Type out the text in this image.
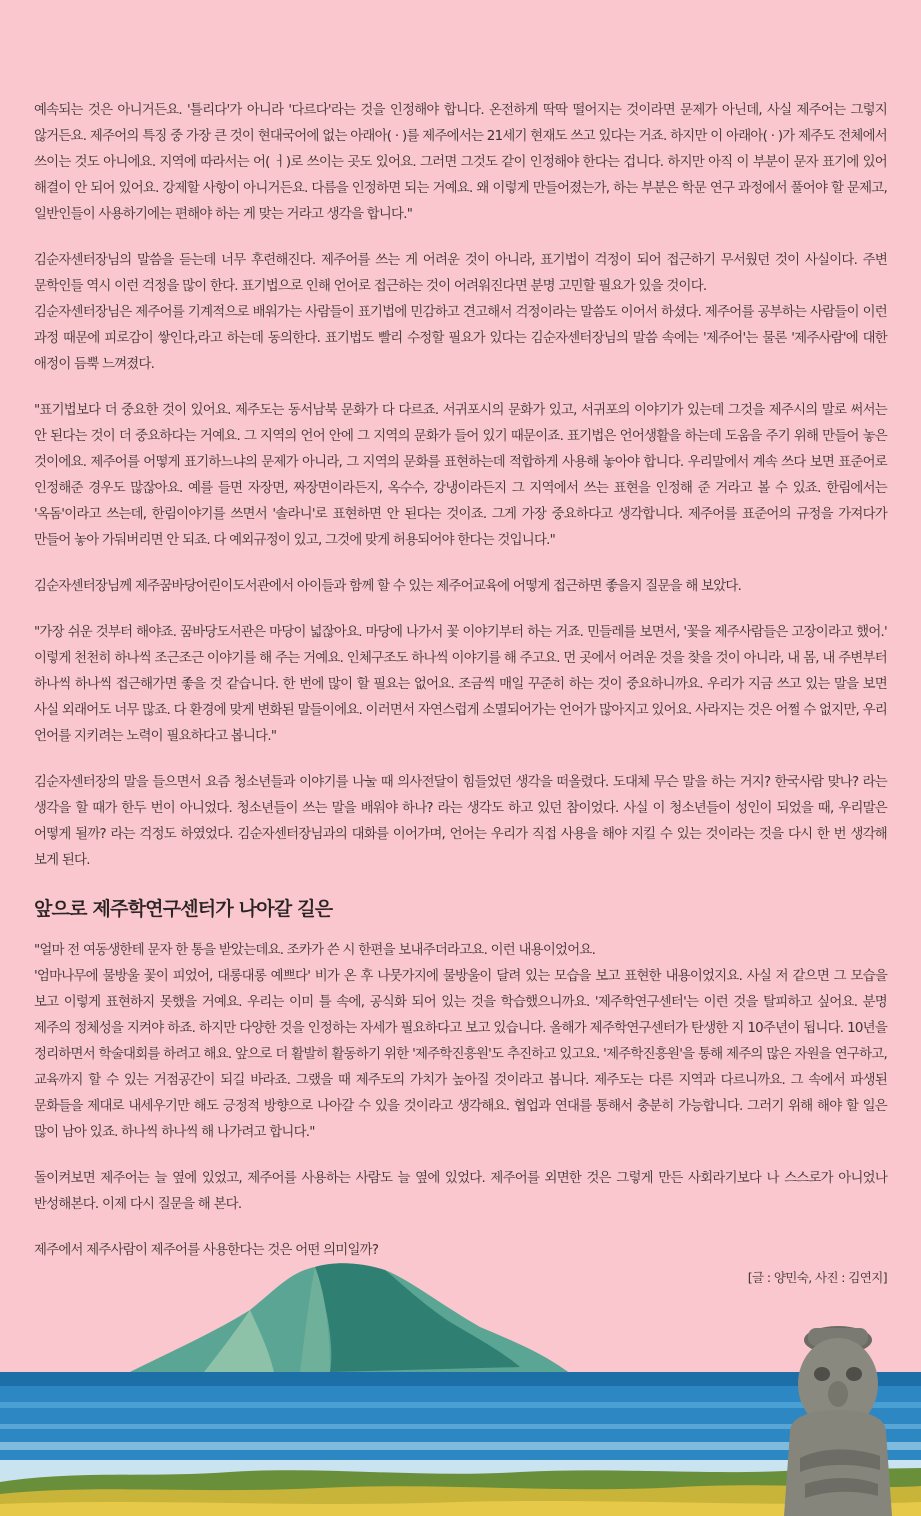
예속되는 것은 아니거든요. '틀리다'가 아니라 '다르다'라는 것을 인정해야 합니다. 온전하게 딱딱 떨어지는 것이라면 문제가 아닌데, 사실 제주어는 그렇지 않거든요. 제주어의 특징 중 가장 큰 것이 현대국어에 없는 아래아( · )를 제주에서는 21세기 현재도 쓰고 있다는 거죠. 하지만 이 아래아( · )가 제주도 전체에서 쓰이는 것도 아니에요. 지역에 따라서는 어( ㅓ)로 쓰이는 곳도 있어요. 그러면 그것도 같이 인정해야 한다는 겁니다. 하지만 아직 이 부분이 문자 표기에 있어 해결이 안 되어 있어요. 강제할 사항이 아니거든요. 다름을 인정하면 되는 거예요. 왜 이렇게 만들어졌는가, 하는 부분은 학문 연구 과정에서 풀어야 할 문제고, 일반인들이 사용하기에는 편해야 하는 게 맞는 거라고 생각을 합니다."

김순자센터장님의 말씀을 듣는데 너무 후련해진다. 제주어를 쓰는 게 어려운 것이 아니라, 표기법이 걱정이 되어 접근하기 무서웠던 것이 사실이다. 주변 문학인들 역시 이런 걱정을 많이 한다. 표기법으로 인해 언어로 접근하는 것이 어려워진다면 분명 고민할 필요가 있을 것이다.
김순자센터장님은 제주어를 기계적으로 배워가는 사람들이 표기법에 민감하고 견고해서 걱정이라는 말씀도 이어서 하셨다. 제주어를 공부하는 사람들이 이런 과정 때문에 피로감이 쌓인다,라고 하는데 동의한다. 표기법도 빨리 수정할 필요가 있다는 김순자센터장님의 말씀 속에는 '제주어'는 물론 '제주사람'에 대한 애정이 듬뿍 느껴졌다.

"표기법보다 더 중요한 것이 있어요. 제주도는 동서남북 문화가 다 다르죠. 서귀포시의 문화가 있고, 서귀포의 이야기가 있는데 그것을 제주시의 말로 써서는 안 된다는 것이 더 중요하다는 거예요. 그 지역의 언어 안에 그 지역의 문화가 들어 있기 때문이죠. 표기법은 언어생활을 하는데 도움을 주기 위해 만들어 놓은 것이에요. 제주어를 어떻게 표기하느냐의 문제가 아니라, 그 지역의 문화를 표현하는데 적합하게 사용해 놓아야 합니다. 우리말에서 계속 쓰다 보면 표준어로 인정해준 경우도 많잖아요. 예를 들면 자장면, 짜장면이라든지, 옥수수, 강냉이라든지 그 지역에서 쓰는 표현을 인정해 준 거라고 볼 수 있죠. 한림에서는 '옥돔'이라고 쓰는데, 한림이야기를 쓰면서 '솔라니'로 표현하면 안 된다는 것이죠. 그게 가장 중요하다고 생각합니다. 제주어를 표준어의 규정을 가져다가 만들어 놓아 가둬버리면 안 되죠. 다 예외규정이 있고, 그것에 맞게 허용되어야 한다는 것입니다."

김순자센터장님께 제주꿈바당어린이도서관에서 아이들과 함께 할 수 있는 제주어교육에 어떻게 접근하면 좋을지 질문을 해 보았다.

"가장 쉬운 것부터 해야죠. 꿈바당도서관은 마당이 넓잖아요. 마당에 나가서 꽃 이야기부터 하는 거죠. 민들레를 보면서, '꽃을 제주사람들은 고장이라고 했어.' 이렇게 천천히 하나씩 조근조근 이야기를 해 주는 거예요. 인체구조도 하나씩 이야기를 해 주고요. 먼 곳에서 어려운 것을 찾을 것이 아니라, 내 몸, 내 주변부터 하나씩 하나씩 접근해가면 좋을 것 같습니다. 한 번에 많이 할 필요는 없어요. 조금씩 매일 꾸준히 하는 것이 중요하니까요. 우리가 지금 쓰고 있는 말을 보면 사실 외래어도 너무 많죠. 다 환경에 맞게 변화된 말들이에요. 이러면서 자연스럽게 소멸되어가는 언어가 많아지고 있어요. 사라지는 것은 어쩔 수 없지만, 우리 언어를 지키려는 노력이 필요하다고 봅니다."

김순자센터장의 말을 들으면서 요즘 청소년들과 이야기를 나눌 때 의사전달이 힘들었던 생각을 떠올렸다. 도대체 무슨 말을 하는 거지? 한국사람 맞나? 라는 생각을 할 때가 한두 번이 아니었다. 청소년들이 쓰는 말을 배워야 하나? 라는 생각도 하고 있던 참이었다. 사실 이 청소년들이 성인이 되었을 때, 우리말은 어떻게 될까? 라는 걱정도 하였었다. 김순자센터장님과의 대화를 이어가며, 언어는 우리가 직접 사용을 해야 지킬 수 있는 것이라는 것을 다시 한 번 생각해 보게 된다.

앞으로 제주학연구센터가 나아갈 길은

"얼마 전 여동생한테 문자 한 통을 받았는데요. 조카가 쓴 시 한편을 보내주더라고요. 이런 내용이었어요.
'엄마나무에 물방울 꽃이 피었어, 대롱대롱 예쁘다' 비가 온 후 나뭇가지에 물방울이 달려 있는 모습을 보고 표현한 내용이었지요. 사실 저 같으면 그 모습을 보고 이렇게 표현하지 못했을 거예요. 우리는 이미 틀 속에, 공식화 되어 있는 것을 학습했으니까요. '제주학연구센터'는 이런 것을 탈피하고 싶어요. 분명 제주의 정체성을 지켜야 하죠. 하지만 다양한 것을 인정하는 자세가 필요하다고 보고 있습니다. 올해가 제주학연구센터가 탄생한 지 10주년이 됩니다. 10년을 정리하면서 학술대회를 하려고 해요. 앞으로 더 활발히 활동하기 위한 '제주학진흥원'도 추진하고 있고요. '제주학진흥원'을 통해 제주의 많은 자원을 연구하고, 교육까지 할 수 있는 거점공간이 되길 바라죠. 그랬을 때 제주도의 가치가 높아질 것이라고 봅니다. 제주도는 다른 지역과 다르니까요. 그 속에서 파생된 문화들을 제대로 내세우기만 해도 긍정적 방향으로 나아갈 수 있을 것이라고 생각해요. 협업과 연대를 통해서 충분히 가능합니다. 그러기 위해 해야 할 일은 많이 남아 있죠. 하나씩 하나씩 해 나가려고 합니다."

돌이켜보면 제주어는 늘 옆에 있었고, 제주어를 사용하는 사람도 늘 옆에 있었다. 제주어를 외면한 것은 그렇게 만든 사회라기보다 나 스스로가 아니었나 반성해본다. 이제 다시 질문을 해 본다.

제주에서 제주사람이 제주어를 사용한다는 것은 어떤 의미일까?

[글 : 양민숙, 사진 : 김연지]
